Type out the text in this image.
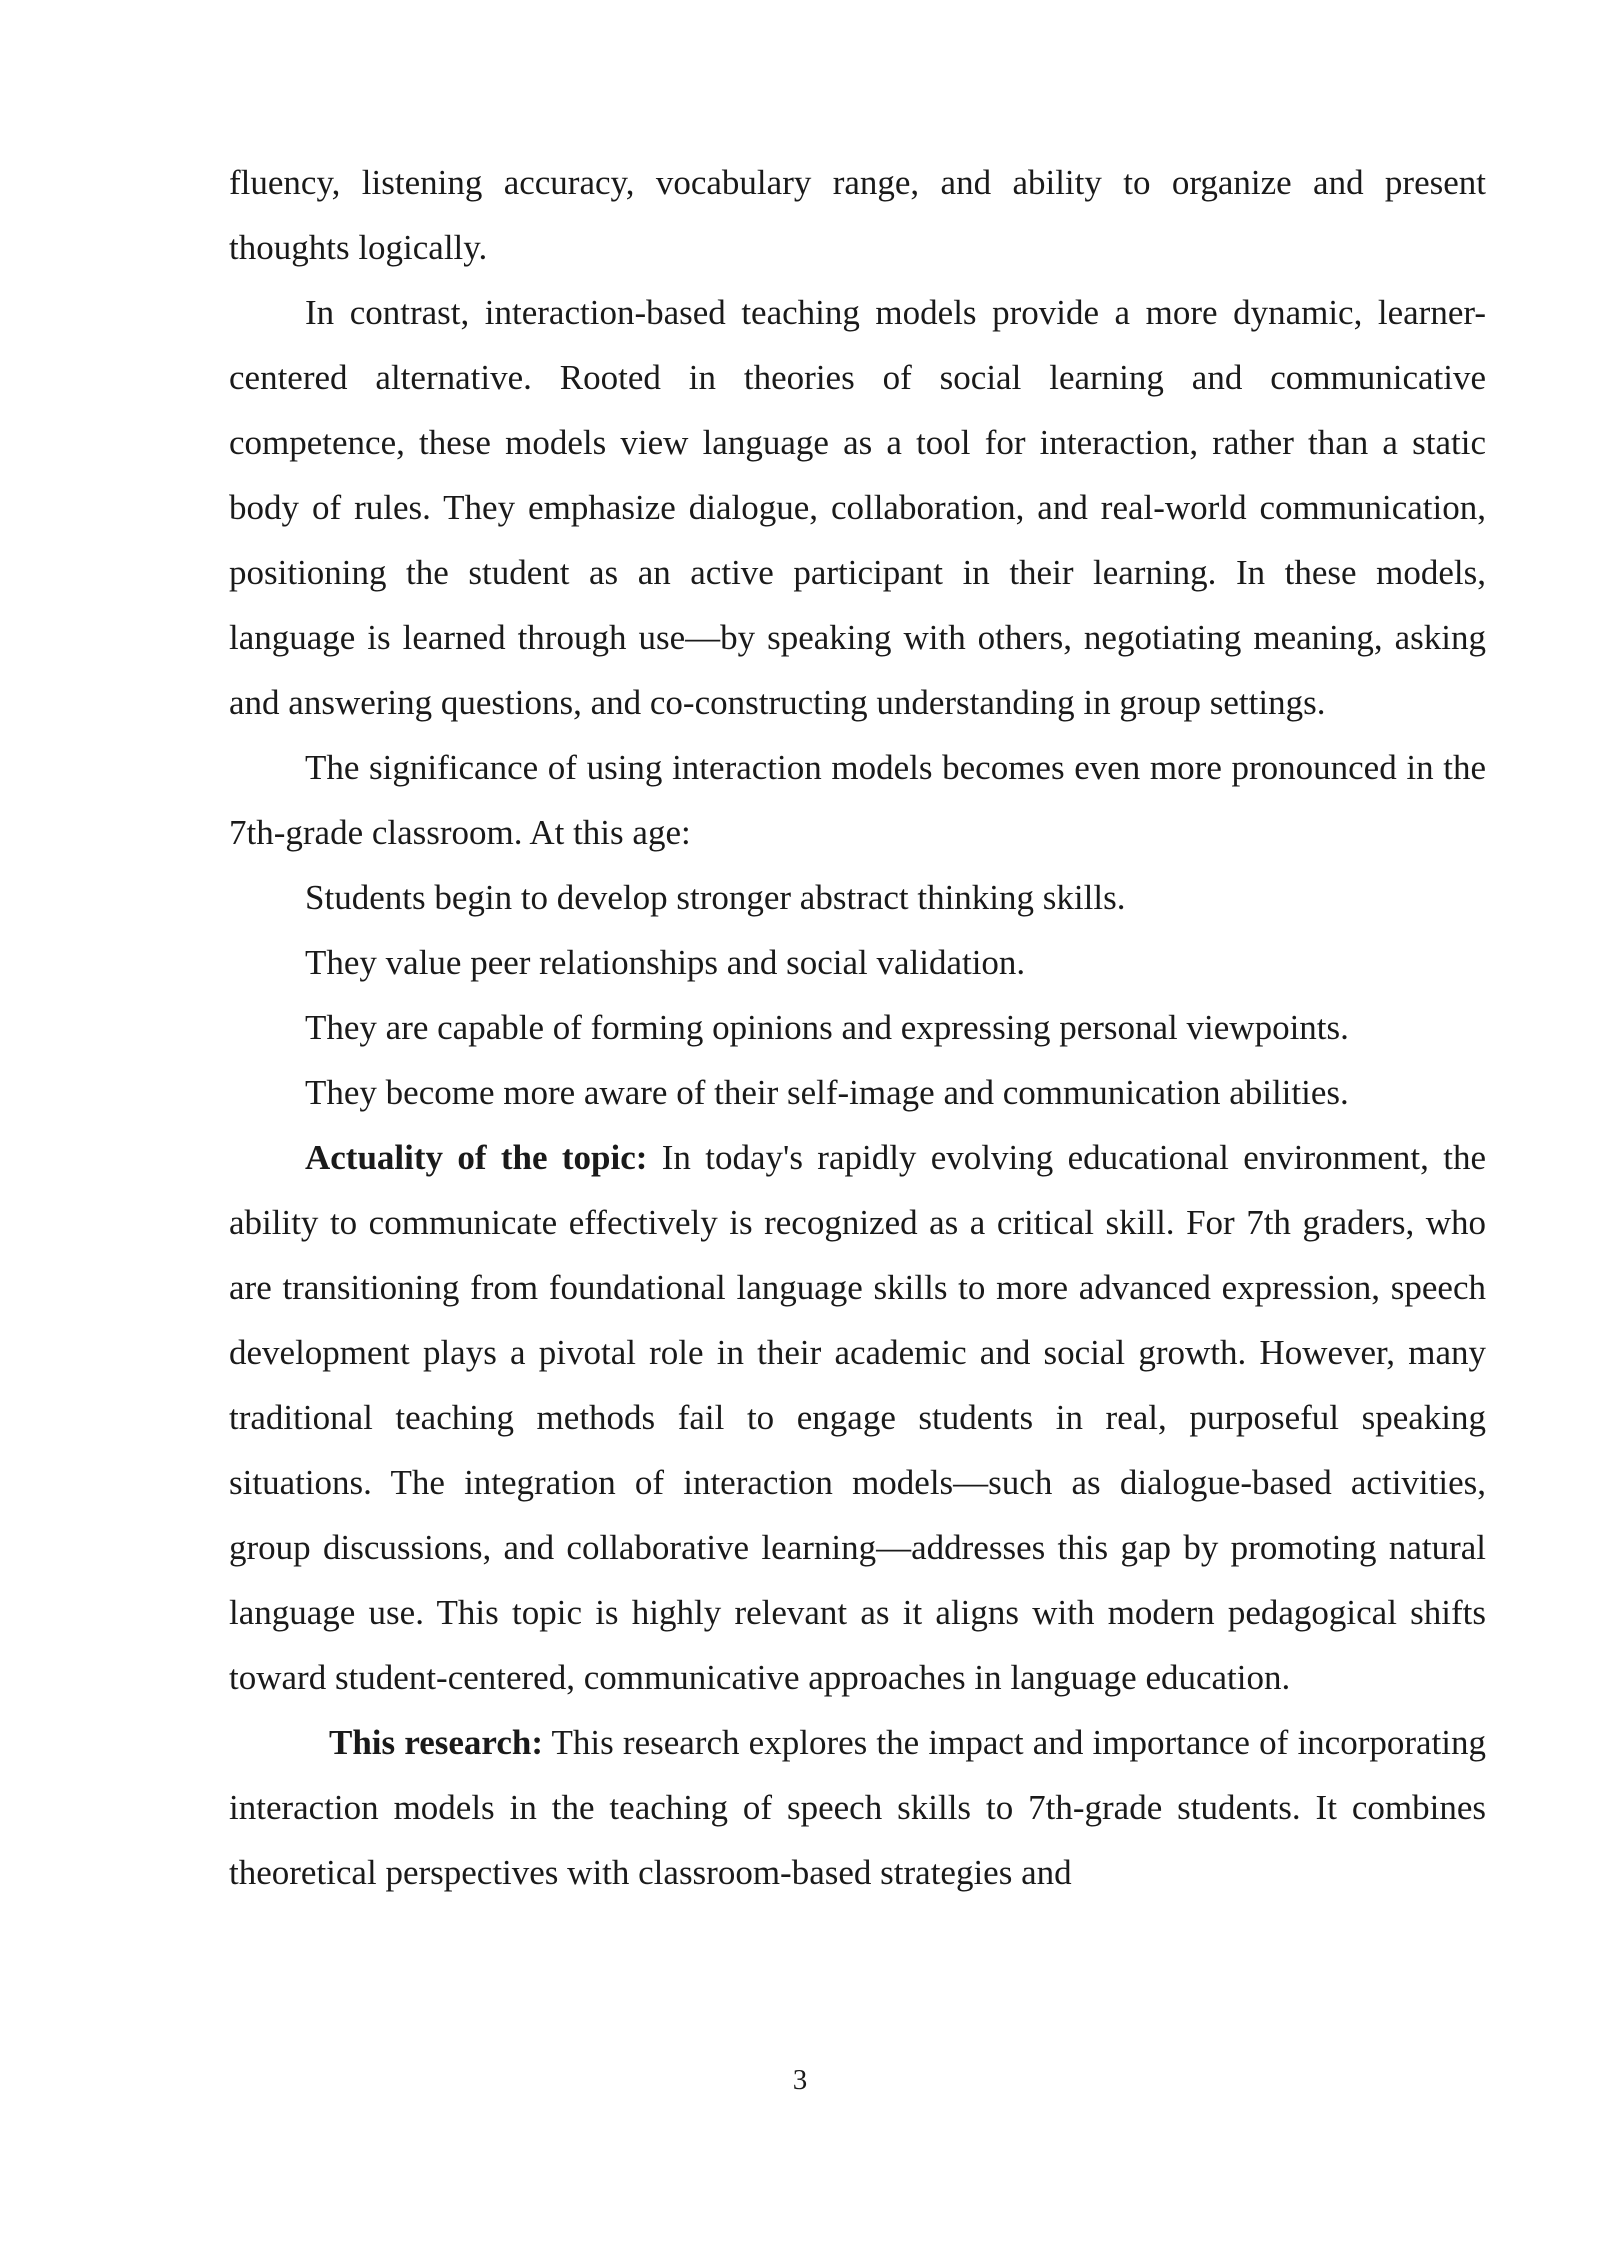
fluency, listening accuracy, vocabulary range, and ability to organize and present thoughts logically.

In contrast, interaction-based teaching models provide a more dynamic, learner-centered alternative. Rooted in theories of social learning and communicative competence, these models view language as a tool for interaction, rather than a static body of rules. They emphasize dialogue, collaboration, and real-world communication, positioning the student as an active participant in their learning. In these models, language is learned through use—by speaking with others, negotiating meaning, asking and answering questions, and co-constructing understanding in group settings.

The significance of using interaction models becomes even more pronounced in the 7th-grade classroom. At this age:

Students begin to develop stronger abstract thinking skills.

They value peer relationships and social validation.

They are capable of forming opinions and expressing personal viewpoints.

They become more aware of their self-image and communication abilities.

Actuality of the topic: In today's rapidly evolving educational environment, the ability to communicate effectively is recognized as a critical skill. For 7th graders, who are transitioning from foundational language skills to more advanced expression, speech development plays a pivotal role in their academic and social growth. However, many traditional teaching methods fail to engage students in real, purposeful speaking situations. The integration of interaction models—such as dialogue-based activities, group discussions, and collaborative learning—addresses this gap by promoting natural language use. This topic is highly relevant as it aligns with modern pedagogical shifts toward student-centered, communicative approaches in language education.

This research: This research explores the impact and importance of incorporating interaction models in the teaching of speech skills to 7th-grade students. It combines theoretical perspectives with classroom-based strategies and

3
